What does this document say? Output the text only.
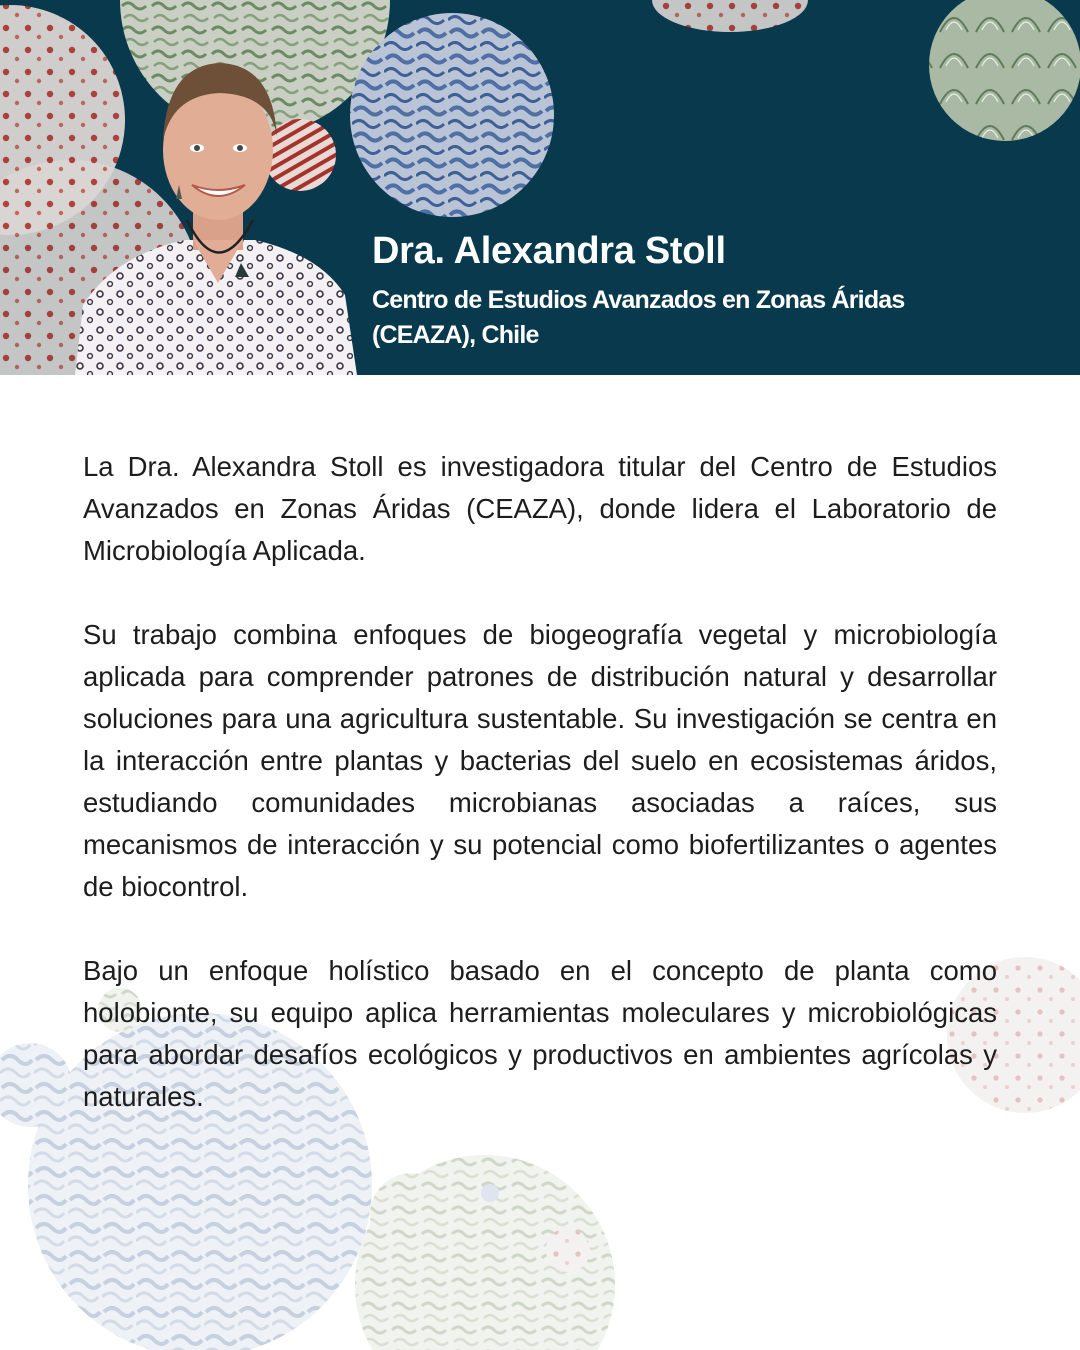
Dra. Alexandra Stoll
Centro de Estudios Avanzados en Zonas Áridas
(CEAZA), Chile

La Dra. Alexandra Stoll es investigadora titular del Centro de Estudios Avanzados en Zonas Áridas (CEAZA), donde lidera el Laboratorio de Microbiología Aplicada.

Su trabajo combina enfoques de biogeografía vegetal y microbiología aplicada para comprender patrones de distribución natural y desarrollar soluciones para una agricultura sustentable. Su investigación se centra en la interacción entre plantas y bacterias del suelo en ecosistemas áridos, estudiando comunidades microbianas asociadas a raíces, sus mecanismos de interacción y su potencial como biofertilizantes o agentes de biocontrol.

Bajo un enfoque holístico basado en el concepto de planta como holobionte, su equipo aplica herramientas moleculares y microbiológicas para abordar desafíos ecológicos y productivos en ambientes agrícolas y naturales.
